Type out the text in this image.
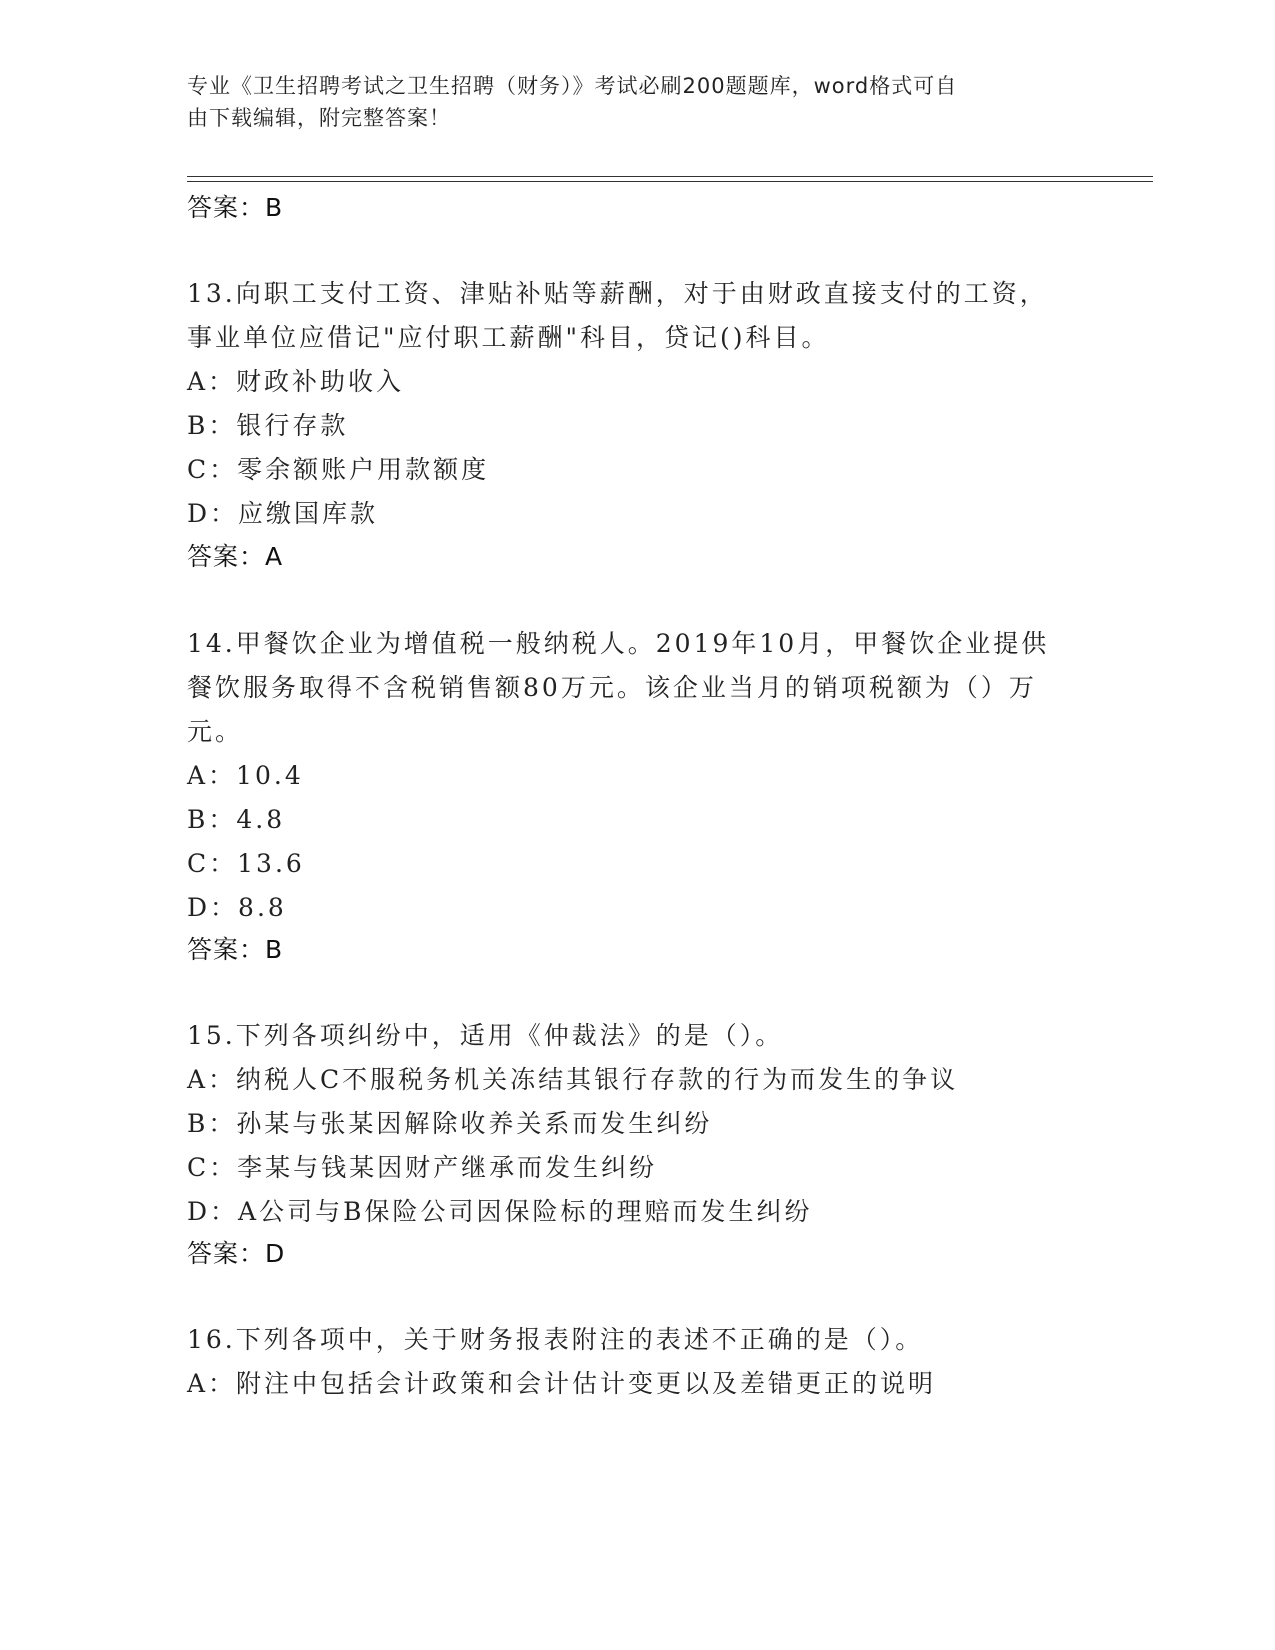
专业《卫生招聘考试之卫生招聘（财务）》考试必刷200题题库，word格式可自
由下载编辑，附完整答案！
答案：B
13.向职工支付工资、津贴补贴等薪酬，对于由财政直接支付的工资，
事业单位应借记"应付职工薪酬"科目，贷记()科目。
A：财政补助收入
B：银行存款
C：零余额账户用款额度
D：应缴国库款
答案：A
14.甲餐饮企业为增值税一般纳税人。2019年10月，甲餐饮企业提供
餐饮服务取得不含税销售额80万元。该企业当月的销项税额为（）万
元。
A：10.4
B：4.8
C：13.6
D：8.8
答案：B
15.下列各项纠纷中，适用《仲裁法》的是（）。
A：纳税人C不服税务机关冻结其银行存款的行为而发生的争议
B：孙某与张某因解除收养关系而发生纠纷
C：李某与钱某因财产继承而发生纠纷
D：A公司与B保险公司因保险标的理赔而发生纠纷
答案：D
16.下列各项中，关于财务报表附注的表述不正确的是（）。
A：附注中包括会计政策和会计估计变更以及差错更正的说明
